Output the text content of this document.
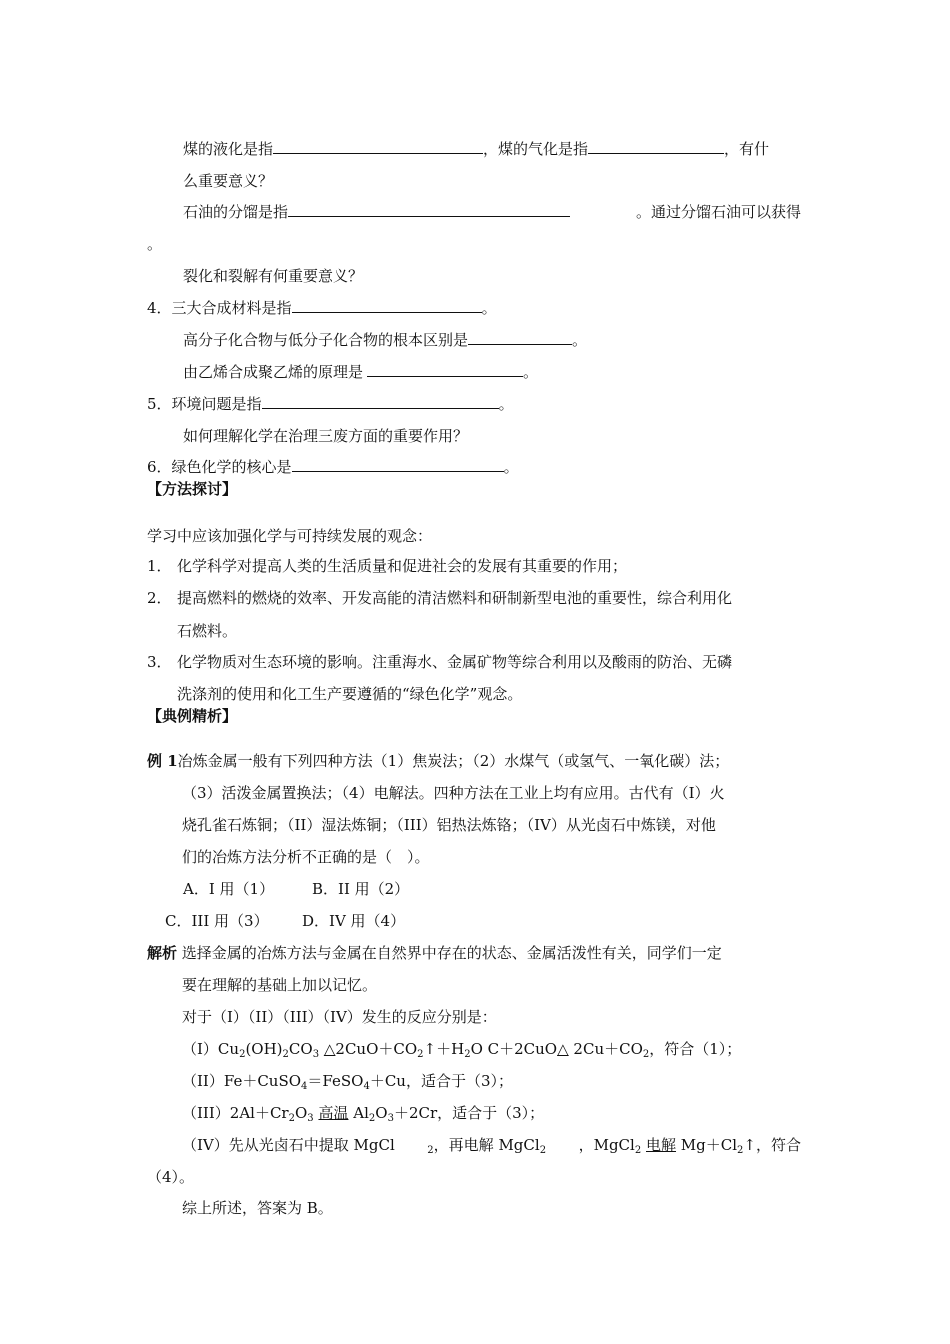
煤的液化是指	，煤的气化是指	，有什
么重要意义？
石油的分馏是指	。通过分馏石油可以获得
。
裂化和裂解有何重要意义？
4．三大合成材料是指	。
高分子化合物与低分子化合物的根本区别是	。
由乙烯合成聚乙烯的原理是	。
5．环境问题是指	。
如何理解化学在治理三废方面的重要作用？
6．绿色化学的核心是	。
【方法探讨】
学习中应该加强化学与可持续发展的观念：
1． 化学科学对提高人类的生活质量和促进社会的发展有其重要的作用；
2． 提高燃料的燃烧的效率、开发高能的清洁燃料和研制新型电池的重要性，综合利用化
石燃料。
3． 化学物质对生态环境的影响。注重海水、金属矿物等综合利用以及酸雨的防治、无磷
洗涤剂的使用和化工生产要遵循的“绿色化学”观念。
【典例精析】
例 1冶炼金属一般有下列四种方法（1）焦炭法；（2）水煤气（或氢气、一氧化碳）法；
（3）活泼金属置换法；（4）电解法。四种方法在工业上均有应用。古代有（I）火
烧孔雀石炼铜；（II）湿法炼铜；（III）铝热法炼铬；（IV）从光卤石中炼镁，对他
们的冶炼方法分析不正确的是（　）。
A．I 用（1）	B．II 用（2）
C．III 用（3） D．IV 用（4）
解析 选择金属的冶炼方法与金属在自然界中存在的状态、金属活泼性有关，同学们一定
要在理解的基础上加以记忆。
对于（I）（II）（III）（IV）发生的反应分别是：
$(I)Cu_2(OH)_2CO_3$ $\triangle 2CuO+CO_2↑+H_2O$ C＋2CuO△ $2Cu+CO_2$，符合（1）；
（II）Fe＋CuSO$_4$＝FeSO$_4$＋Cu，适合于（3）；
$(III)2Al+Cr_2O_3$ 高温 $Al_2O_3+2Cr$，适合于（3）；
（IV）先从光卤石中提取 MgCl	$_2$，再电解 MgCl$_2$ ，MgCl$_2$ 电解 $Mg+Cl_2↑$，符合
（4）。
综上所述，答案为 B。
